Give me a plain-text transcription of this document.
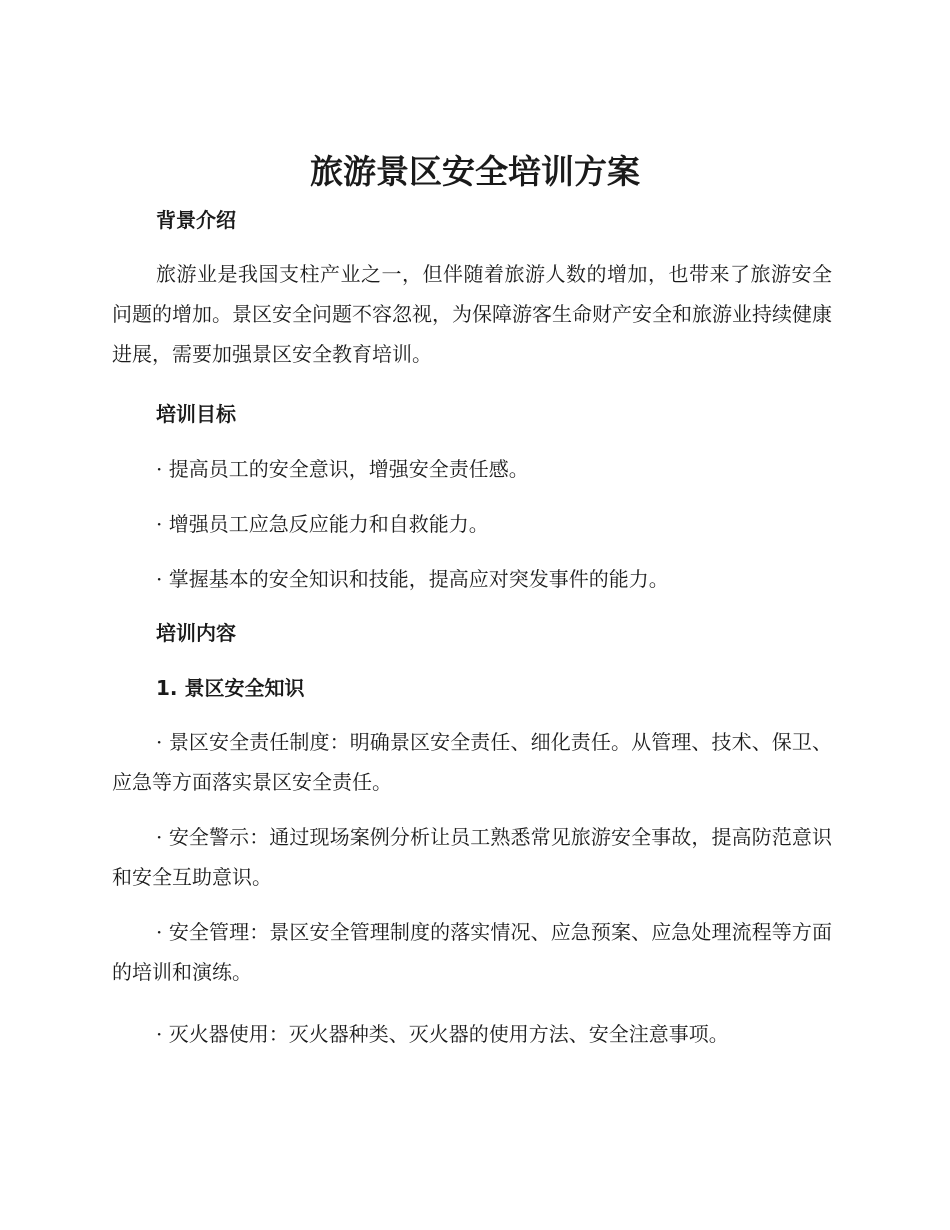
旅游景区安全培训方案
背景介绍

旅游业是我国支柱产业之一，但伴随着旅游人数的增加，也带来了旅游安全问题的增加。景区安全问题不容忽视，为保障游客生命财产安全和旅游业持续健康进展，需要加强景区安全教育培训。

培训目标

· 提高员工的安全意识，增强安全责任感。

· 增强员工应急反应能力和自救能力。

· 掌握基本的安全知识和技能，提高应对突发事件的能力。

培训内容
1. 景区安全知识

· 景区安全责任制度：明确景区安全责任、细化责任。从管理、技术、保卫、应急等方面落实景区安全责任。

· 安全警示：通过现场案例分析让员工熟悉常见旅游安全事故，提高防范意识和安全互助意识。

· 安全管理：景区安全管理制度的落实情况、应急预案、应急处理流程等方面的培训和演练。

· 灭火器使用：灭火器种类、灭火器的使用方法、安全注意事项。
